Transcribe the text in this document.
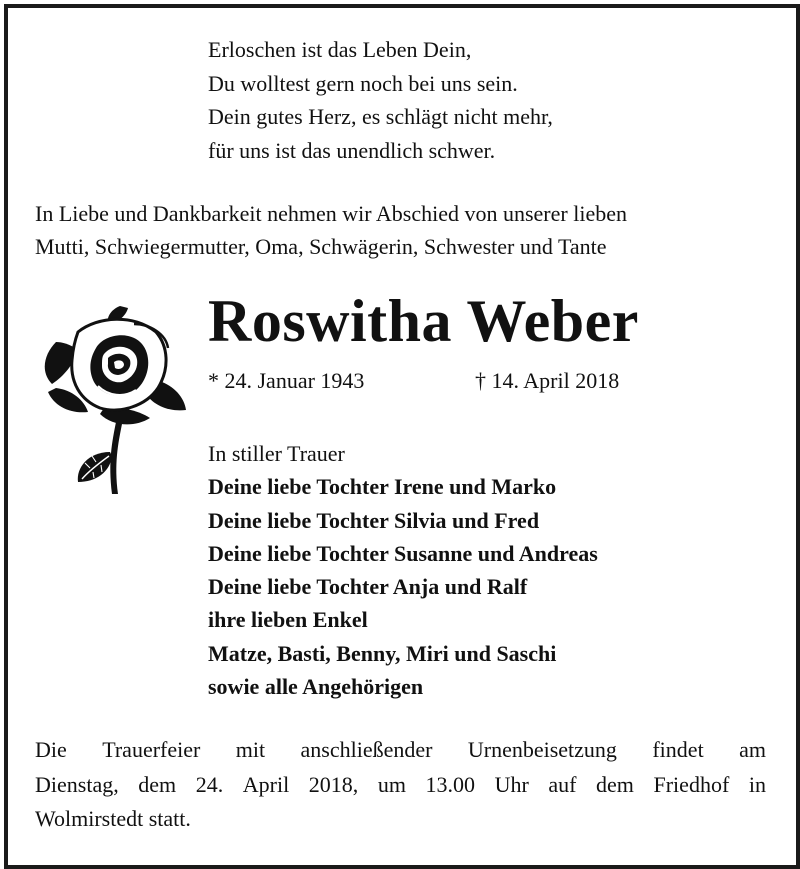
Erloschen ist das Leben Dein,
Du wolltest gern noch bei uns sein.
Dein gutes Herz, es schlägt nicht mehr,
für uns ist das unendlich schwer.
In Liebe und Dankbarkeit nehmen wir Abschied von unserer lieben
Mutti, Schwiegermutter, Oma, Schwägerin, Schwester und Tante
Roswitha Weber
* 24. Januar 1943	† 14. April 2018
In stiller Trauer
Deine liebe Tochter Irene und Marko
Deine liebe Tochter Silvia und Fred
Deine liebe Tochter Susanne und Andreas
Deine liebe Tochter Anja und Ralf
ihre lieben Enkel
Matze, Basti, Benny, Miri und Saschi
sowie alle Angehörigen
Die Trauerfeier mit anschließender Urnenbeisetzung findet am
Dienstag, dem 24. April 2018, um 13.00 Uhr auf dem Friedhof in
Wolmirstedt statt.
